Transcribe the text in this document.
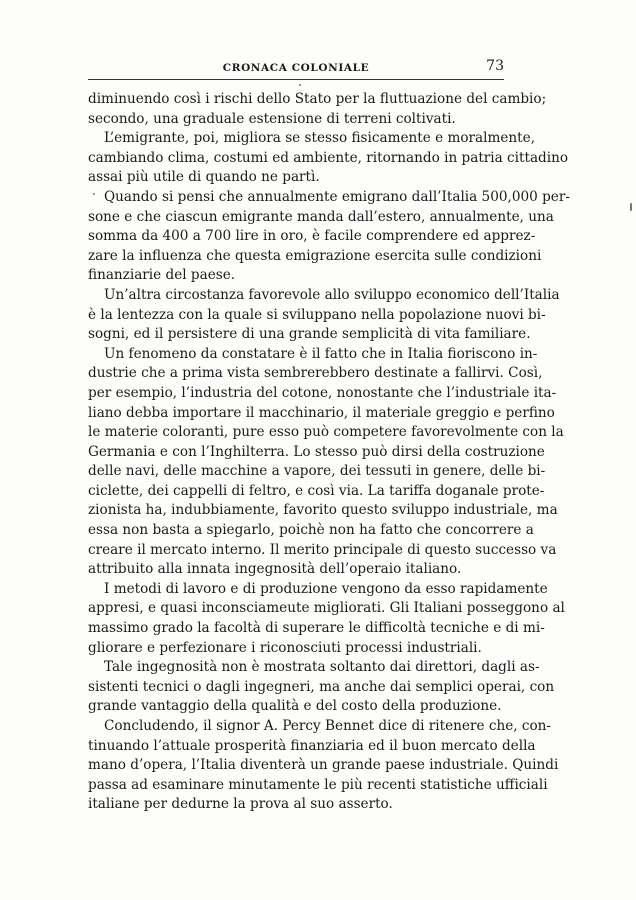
CRONACA COLONIALE	73
diminuendo così i rischi dello Stato per la fluttuazione del cambio;
secondo, una graduale estensione di terreni coltivati.
L’emigrante, poi, migliora se stesso fisicamente e moralmente,
cambiando clima, costumi ed ambiente, ritornando in patria cittadino
assai più utile di quando ne partì.
Quando si pensi che annualmente emigrano dall’Italia 500,000 per-
sone e che ciascun emigrante manda dall’estero, annualmente, una
somma da 400 a 700 lire in oro, è facile comprendere ed apprez-
zare la influenza che questa emigrazione esercita sulle condizioni
finanziarie del paese.
Un’altra circostanza favorevole allo sviluppo economico dell’Italia
è la lentezza con la quale si sviluppano nella popolazione nuovi bi-
sogni, ed il persistere di una grande semplicità di vita familiare.
Un fenomeno da constatare è il fatto che in Italia fioriscono in-
dustrie che a prima vista sembrerebbero destinate a fallirvi. Così,
per esempio, l’industria del cotone, nonostante che l’industriale ita-
liano debba importare il macchinario, il materiale greggio e perfino
le materie coloranti, pure esso può competere favorevolmente con la
Germania e con l’Inghilterra. Lo stesso può dirsi della costruzione
delle navi, delle macchine a vapore, dei tessuti in genere, delle bi-
ciclette, dei cappelli di feltro, e così via. La tariffa doganale prote-
zionista ha, indubbiamente, favorito questo sviluppo industriale, ma
essa non basta a spiegarlo, poichè non ha fatto che concorrere a
creare il mercato interno. Il merito principale di questo successo va
attribuito alla innata ingegnosità dell’operaio italiano.
I metodi di lavoro e di produzione vengono da esso rapidamente
appresi, e quasi inconsciameute migliorati. Gli Italiani posseggono al
massimo grado la facoltà di superare le difficoltà tecniche e di mi-
gliorare e perfezionare i riconosciuti processi industriali.
Tale ingegnosità non è mostrata soltanto dai direttori, dagli as-
sistenti tecnici o dagli ingegneri, ma anche dai semplici operai, con
grande vantaggio della qualità e del costo della produzione.
Concludendo, il signor A. Percy Bennet dice di ritenere che, con-
tinuando l’attuale prosperità finanziaria ed il buon mercato della
mano d’opera, l’Italia diventerà un grande paese industriale. Quindi
passa ad esaminare minutamente le più recenti statistiche ufficiali
italiane per dedurne la prova al suo asserto.
